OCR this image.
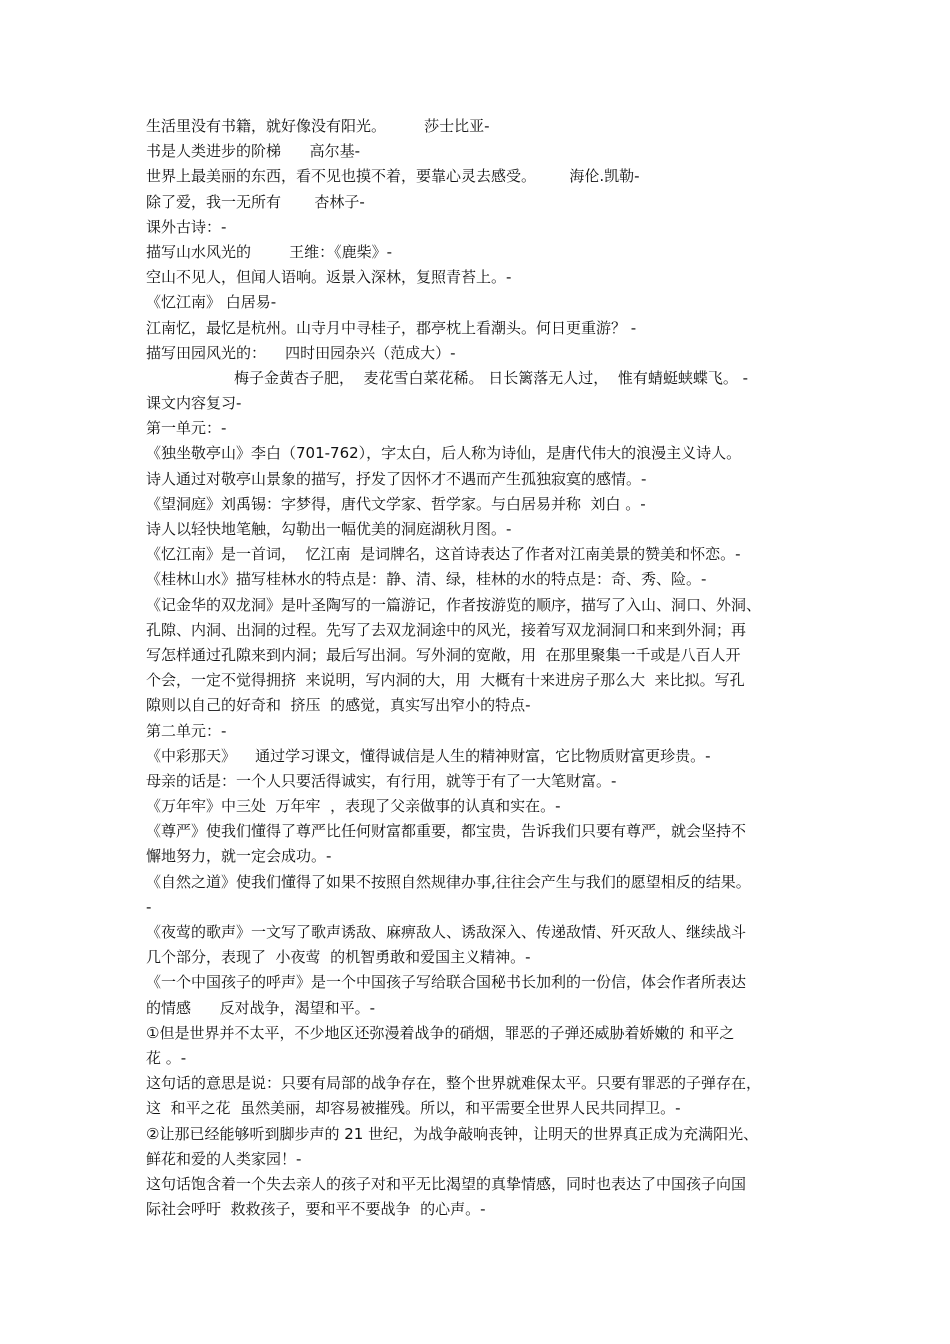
生活里没有书籍，就好像没有阳光。        莎士比亚-
书是人类进步的阶梯      高尔基-
世界上最美丽的东西，看不见也摸不着，要靠心灵去感受。       海伦.凯勒-
除了爱，我一无所有       杏林子-
课外古诗：-
描写山水风光的        王维：《鹿柴》-
空山不见人，但闻人语响。返景入深林，复照青苔上。-
《忆江南》 白居易-
江南忆，最忆是杭州。山寺月中寻桂子，郡亭枕上看潮头。何日更重游？ -
描写田园风光的：    四时田园杂兴（范成大）-
梅子金黄杏子肥，  麦花雪白菜花稀。 日长篱落无人过，  惟有蜻蜓蛱蝶飞。 -
课文内容复习-
第一单元：-
《独坐敬亭山》李白（701-762），字太白，后人称为诗仙，是唐代伟大的浪漫主义诗人。
诗人通过对敬亭山景象的描写，抒发了因怀才不遇而产生孤独寂寞的感情。-
《望洞庭》刘禹锡：字梦得，唐代文学家、哲学家。与白居易并称  刘白 。-
诗人以轻快地笔触，勾勒出一幅优美的洞庭湖秋月图。-
《忆江南》是一首词，  忆江南  是词牌名，这首诗表达了作者对江南美景的赞美和怀恋。-
《桂林山水》描写桂林水的特点是：静、清、绿，桂林的水的特点是：奇、秀、险。-
《记金华的双龙洞》是叶圣陶写的一篇游记，作者按游览的顺序，描写了入山、洞口、外洞、
孔隙、内洞、出洞的过程。先写了去双龙洞途中的风光，接着写双龙洞洞口和来到外洞；再
写怎样通过孔隙来到内洞；最后写出洞。写外洞的宽敞，用  在那里聚集一千或是八百人开
个会，一定不觉得拥挤  来说明，写内洞的大，用  大概有十来进房子那么大  来比拟。写孔
隙则以自己的好奇和  挤压  的感觉，真实写出窄小的特点-
第二单元：-
《中彩那天》    通过学习课文，懂得诚信是人生的精神财富，它比物质财富更珍贵。-
母亲的话是：一个人只要活得诚实，有行用，就等于有了一大笔财富。-
《万年牢》中三处  万年牢  ，表现了父亲做事的认真和实在。-
《尊严》使我们懂得了尊严比任何财富都重要，都宝贵，告诉我们只要有尊严，就会坚持不
懈地努力，就一定会成功。-
《自然之道》使我们懂得了如果不按照自然规律办事,往往会产生与我们的愿望相反的结果。
-
《夜莺的歌声》一文写了歌声诱敌、麻痹敌人、诱敌深入、传递敌情、歼灭敌人、继续战斗
几个部分，表现了  小夜莺  的机智勇敢和爱国主义精神。-
《一个中国孩子的呼声》是一个中国孩子写给联合国秘书长加利的一份信，体会作者所表达
的情感      反对战争，渴望和平。-
①但是世界并不太平，不少地区还弥漫着战争的硝烟，罪恶的子弹还威胁着娇嫩的 和平之
花 。-
这句话的意思是说：只要有局部的战争存在，整个世界就难保太平。只要有罪恶的子弹存在，
这  和平之花  虽然美丽，却容易被摧残。所以，和平需要全世界人民共同捍卫。-
②让那已经能够听到脚步声的 21 世纪，为战争敲响丧钟，让明天的世界真正成为充满阳光、
鲜花和爱的人类家园！-
这句话饱含着一个失去亲人的孩子对和平无比渴望的真挚情感，同时也表达了中国孩子向国
际社会呼吁  救救孩子，要和平不要战争  的心声。-
